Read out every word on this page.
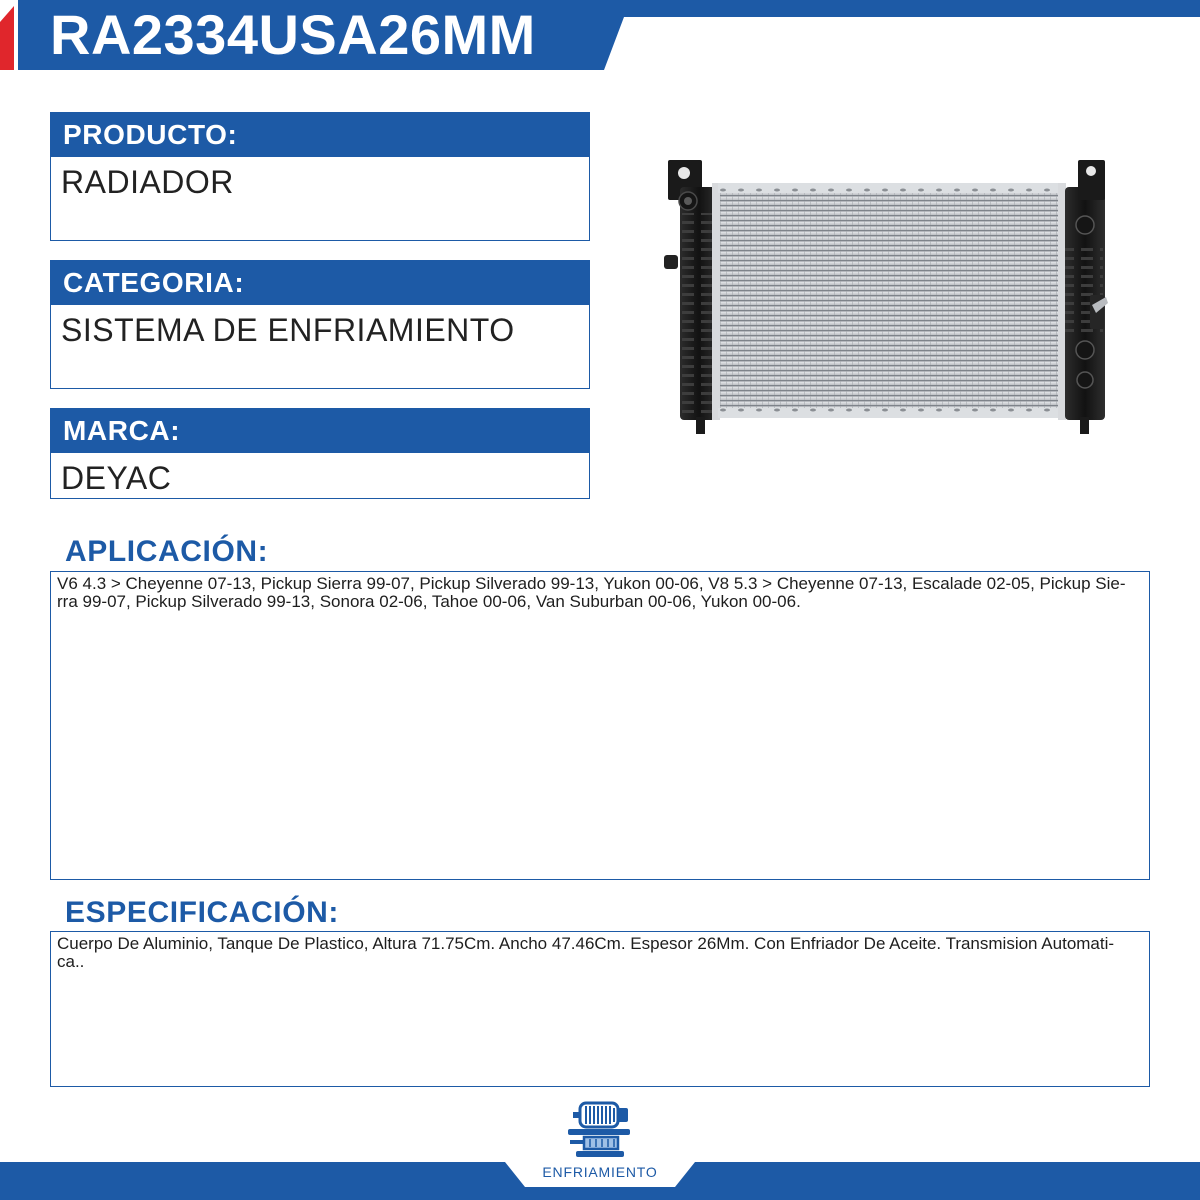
RA2334USA26MM
PRODUCTO:
RADIADOR
CATEGORIA:
SISTEMA DE ENFRIAMIENTO
MARCA:
DEYAC
APLICACIÓN:
V6 4.3 > Cheyenne 07-13, Pickup Sierra 99-07, Pickup Silverado 99-13, Yukon 00-06, V8 5.3 > Cheyenne 07-13, Escalade 02-05, Pickup Sie-
rra 99-07, Pickup Silverado 99-13, Sonora 02-06, Tahoe 00-06, Van Suburban 00-06, Yukon 00-06.
ESPECIFICACIÓN:
Cuerpo De Aluminio, Tanque De Plastico, Altura 71.75Cm. Ancho 47.46Cm. Espesor 26Mm. Con Enfriador De Aceite. Transmision Automati-
ca..
ENFRIAMIENTO
